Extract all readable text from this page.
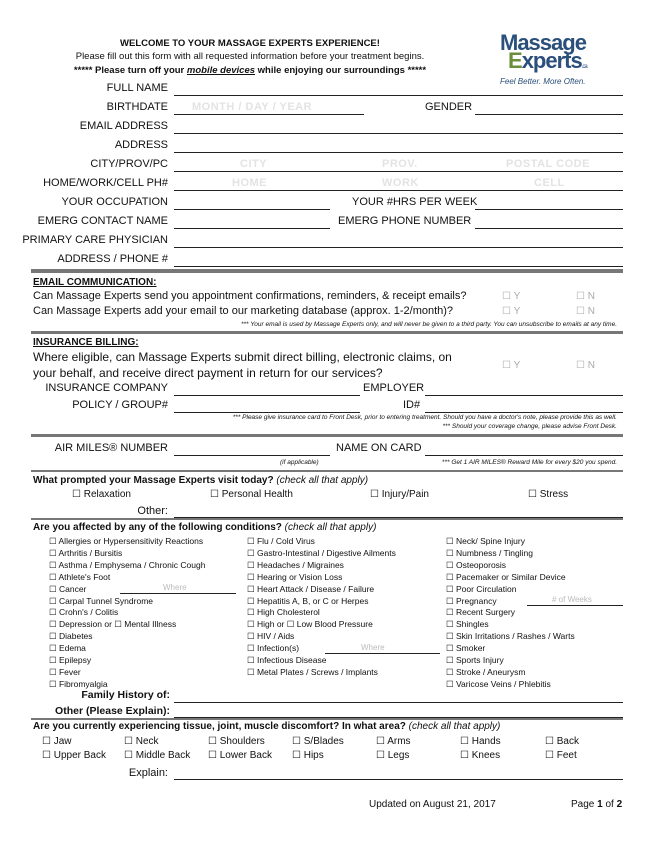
WELCOME TO YOUR MASSAGE EXPERTS EXPERIENCE!
Please fill out this form with all requested information before your treatment begins.
***** Please turn off your mobile devices while enjoying our surroundings *****
Massage
Experts.ca
Feel Better. More Often.
FULL NAME
BIRTHDATE MONTH / DAY / YEAR	GENDER
EMAIL ADDRESS
ADDRESS
CITY/PROV/PC	CITY	PROV.	POSTAL CODE
HOME/WORK/CELL PH#	HOME	WORK	CELL
YOUR OCCUPATION	YOUR #HRS PER WEEK
EMERG CONTACT NAME	EMERG PHONE NUMBER
PRIMARY CARE PHYSICIAN
ADDRESS / PHONE #
EMAIL COMMUNICATION:
Can Massage Experts send you appointment confirmations, reminders, & receipt emails?	☐ Y	☐ N
Can Massage Experts add your email to our marketing database (approx. 1-2/month)?	☐ Y	☐ N
*** Your email is used by Massage Experts only, and will never be given to a third party. You can unsubscribe to emails at any time.
INSURANCE BILLING:
Where eligible, can Massage Experts submit direct billing, electronic claims, on
your behalf, and receive direct payment in return for our services?
☐ Y	☐ N
INSURANCE COMPANY	EMPLOYER
POLICY / GROUP#	ID#
*** Please give insurance card to Front Desk, prior to entering treatment. Should you have a doctor's note, please provide this as well.
*** Should your coverage change, please advise Front Desk.
AIR MILES® NUMBER	NAME ON CARD
(if applicable)	*** Get 1 AIR MILES® Reward Mile for every $20 you spend.
What prompted your Massage Experts visit today? (check all that apply)
☐ Relaxation	☐ Personal Health	☐ Injury/Pain	☐ Stress
Other:
Are you affected by any of the following conditions? (check all that apply)
☐ Allergies or Hypersensitivity Reactions
☐ Arthritis / Bursitis
☐ Asthma / Emphysema / Chronic Cough
☐ Athlete's Foot
☐ Cancer
☐ Carpal Tunnel Syndrome
☐ Crohn's / Colitis
☐ Depression or ☐ Mental Illness
☐ Diabetes
☐ Edema
☐ Epilepsy
☐ Fever
☐ Fibromyalgia
☐ Flu / Cold Virus
☐ Gastro-Intestinal / Digestive Ailments
☐ Headaches / Migraines
☐ Hearing or Vision Loss
☐ Heart Attack / Disease / Failure
☐ Hepatitis A, B, or C or Herpes
☐ High Cholesterol
☐ High or ☐ Low Blood Pressure
☐ HIV / Aids
☐ Infection(s)
☐ Infectious Disease
☐ Metal Plates / Screws / Implants
☐ Neck/ Spine Injury
☐ Numbness / Tingling
☐ Osteoporosis
☐ Pacemaker or Similar Device
☐ Poor Circulation
☐ Pregnancy
☐ Recent Surgery
☐ Shingles
☐ Skin Irritations / Rashes / Warts
☐ Smoker
☐ Sports Injury
☐ Stroke / Aneurysm
☐ Varicose Veins / Phlebitis
Where
Where
# of Weeks
Family History of:
Other (Please Explain):
Are you currently experiencing tissue, joint, muscle discomfort? In what area? (check all that apply)
☐ Jaw	☐ Neck	☐ Shoulders	☐ S/Blades	☐ Arms	☐ Hands	☐ Back
☐ Upper Back ☐ Middle Back ☐ Lower Back ☐ Hips	☐ Legs	☐ Knees	☐ Feet
Explain:
Updated on August 21, 2017	Page 1 of 2
